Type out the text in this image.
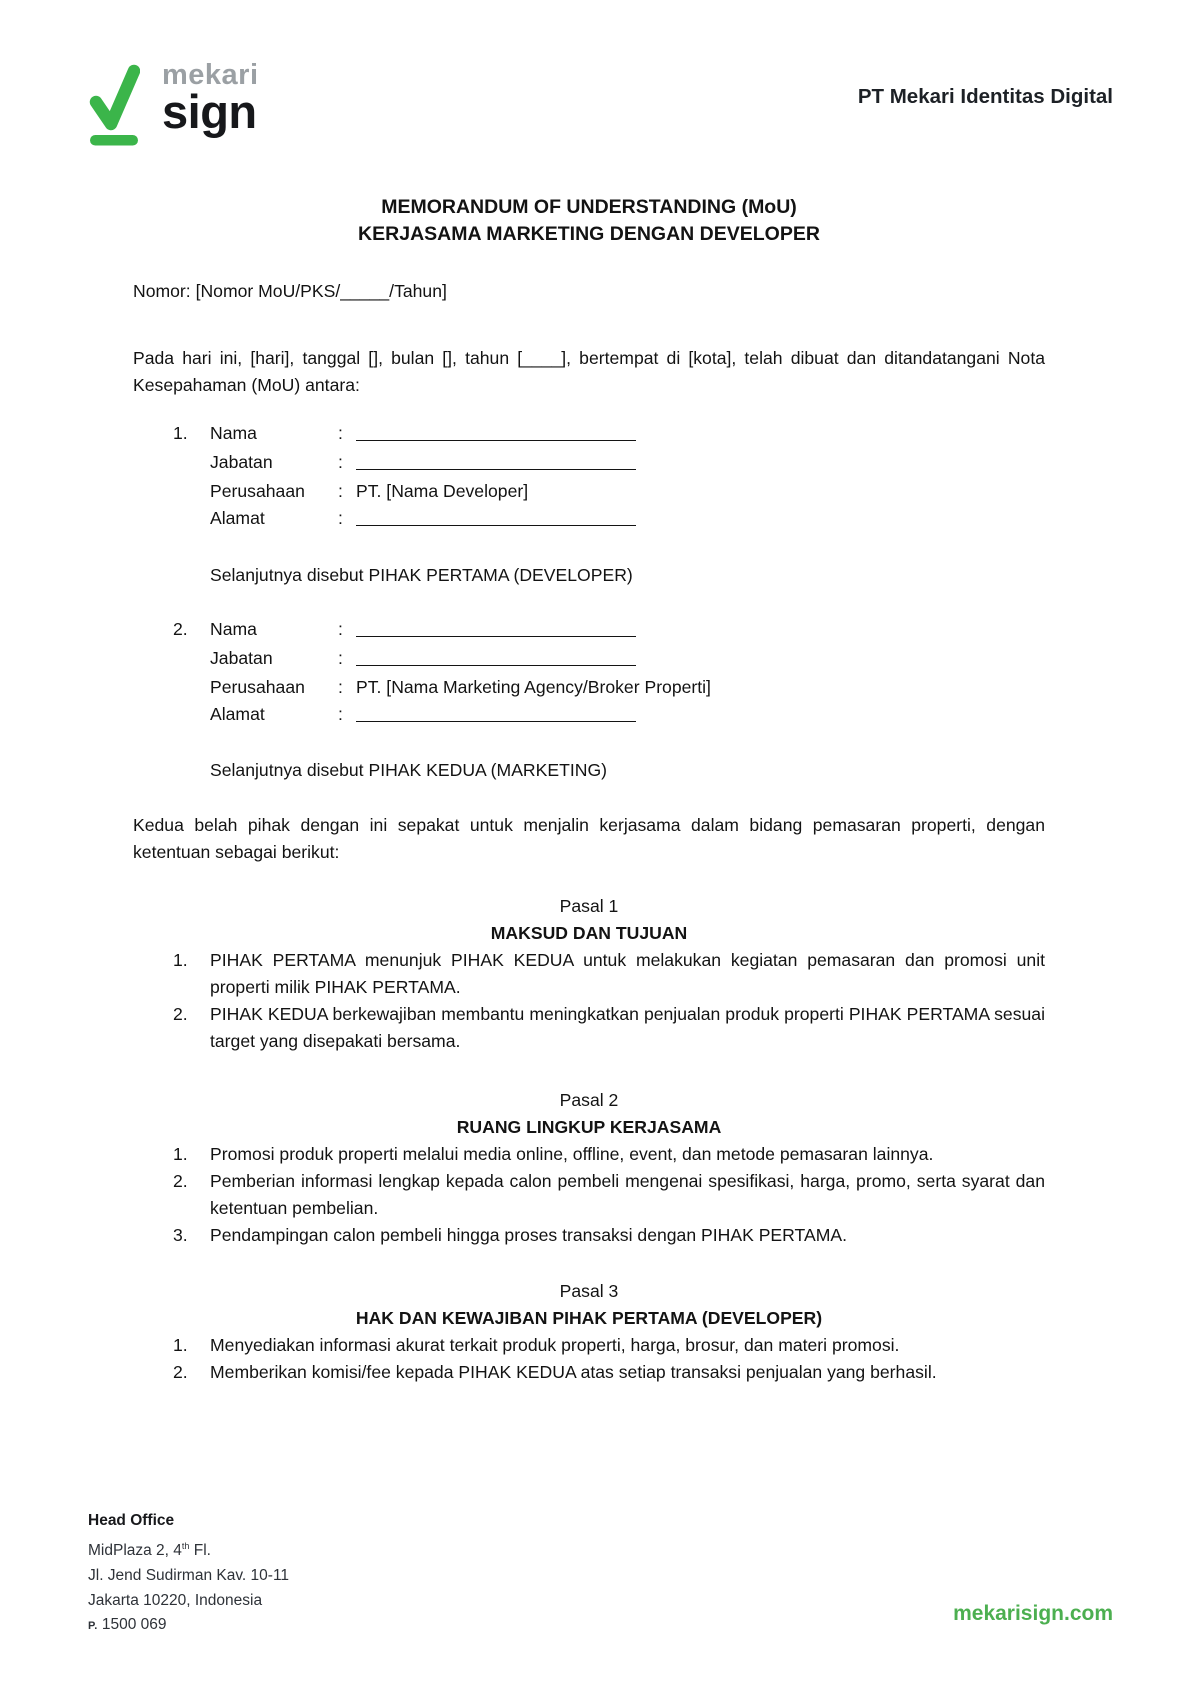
mekari
sign	PT Mekari Identitas Digital
MEMORANDUM OF UNDERSTANDING (MoU)
KERJASAMA MARKETING DENGAN DEVELOPER
Nomor: [Nomor MoU/PKS/_____/Tahun]

Pada hari ini, [hari], tanggal [], bulan [], tahun [____], bertempat di [kota], telah dibuat dan ditandatangani Nota Kesepahaman (MoU) antara:

1.	Nama	:
Jabatan	:
Perusahaan	: PT. [Nama Developer]
Alamat	:
Selanjutnya disebut PIHAK PERTAMA (DEVELOPER)
2.	Nama	:
Jabatan	:
Perusahaan	: PT. [Nama Marketing Agency/Broker Properti]
Alamat	:
Selanjutnya disebut PIHAK KEDUA (MARKETING)

Kedua belah pihak dengan ini sepakat untuk menjalin kerjasama dalam bidang pemasaran properti, dengan ketentuan sebagai berikut:

Pasal 1
MAKSUD DAN TUJUAN
1.	PIHAK PERTAMA menunjuk PIHAK KEDUA untuk melakukan kegiatan pemasaran dan promosi unit properti milik PIHAK PERTAMA.
2.	PIHAK KEDUA berkewajiban membantu meningkatkan penjualan produk properti PIHAK PERTAMA sesuai target yang disepakati bersama.
Pasal 2
RUANG LINGKUP KERJASAMA
1.	Promosi produk properti melalui media online, offline, event, dan metode pemasaran lainnya.
2.	Pemberian informasi lengkap kepada calon pembeli mengenai spesifikasi, harga, promo, serta syarat dan ketentuan pembelian.
3.	Pendampingan calon pembeli hingga proses transaksi dengan PIHAK PERTAMA.
Pasal 3
HAK DAN KEWAJIBAN PIHAK PERTAMA (DEVELOPER)
1.	Menyediakan informasi akurat terkait produk properti, harga, brosur, dan materi promosi.
2.	Memberikan komisi/fee kepada PIHAK KEDUA atas setiap transaksi penjualan yang berhasil.
Head Office
MidPlaza 2, 4th Fl.
Jl. Jend Sudirman Kav. 10-11
Jakarta 10220, Indonesia
P. 1500 069	mekarisign.com
